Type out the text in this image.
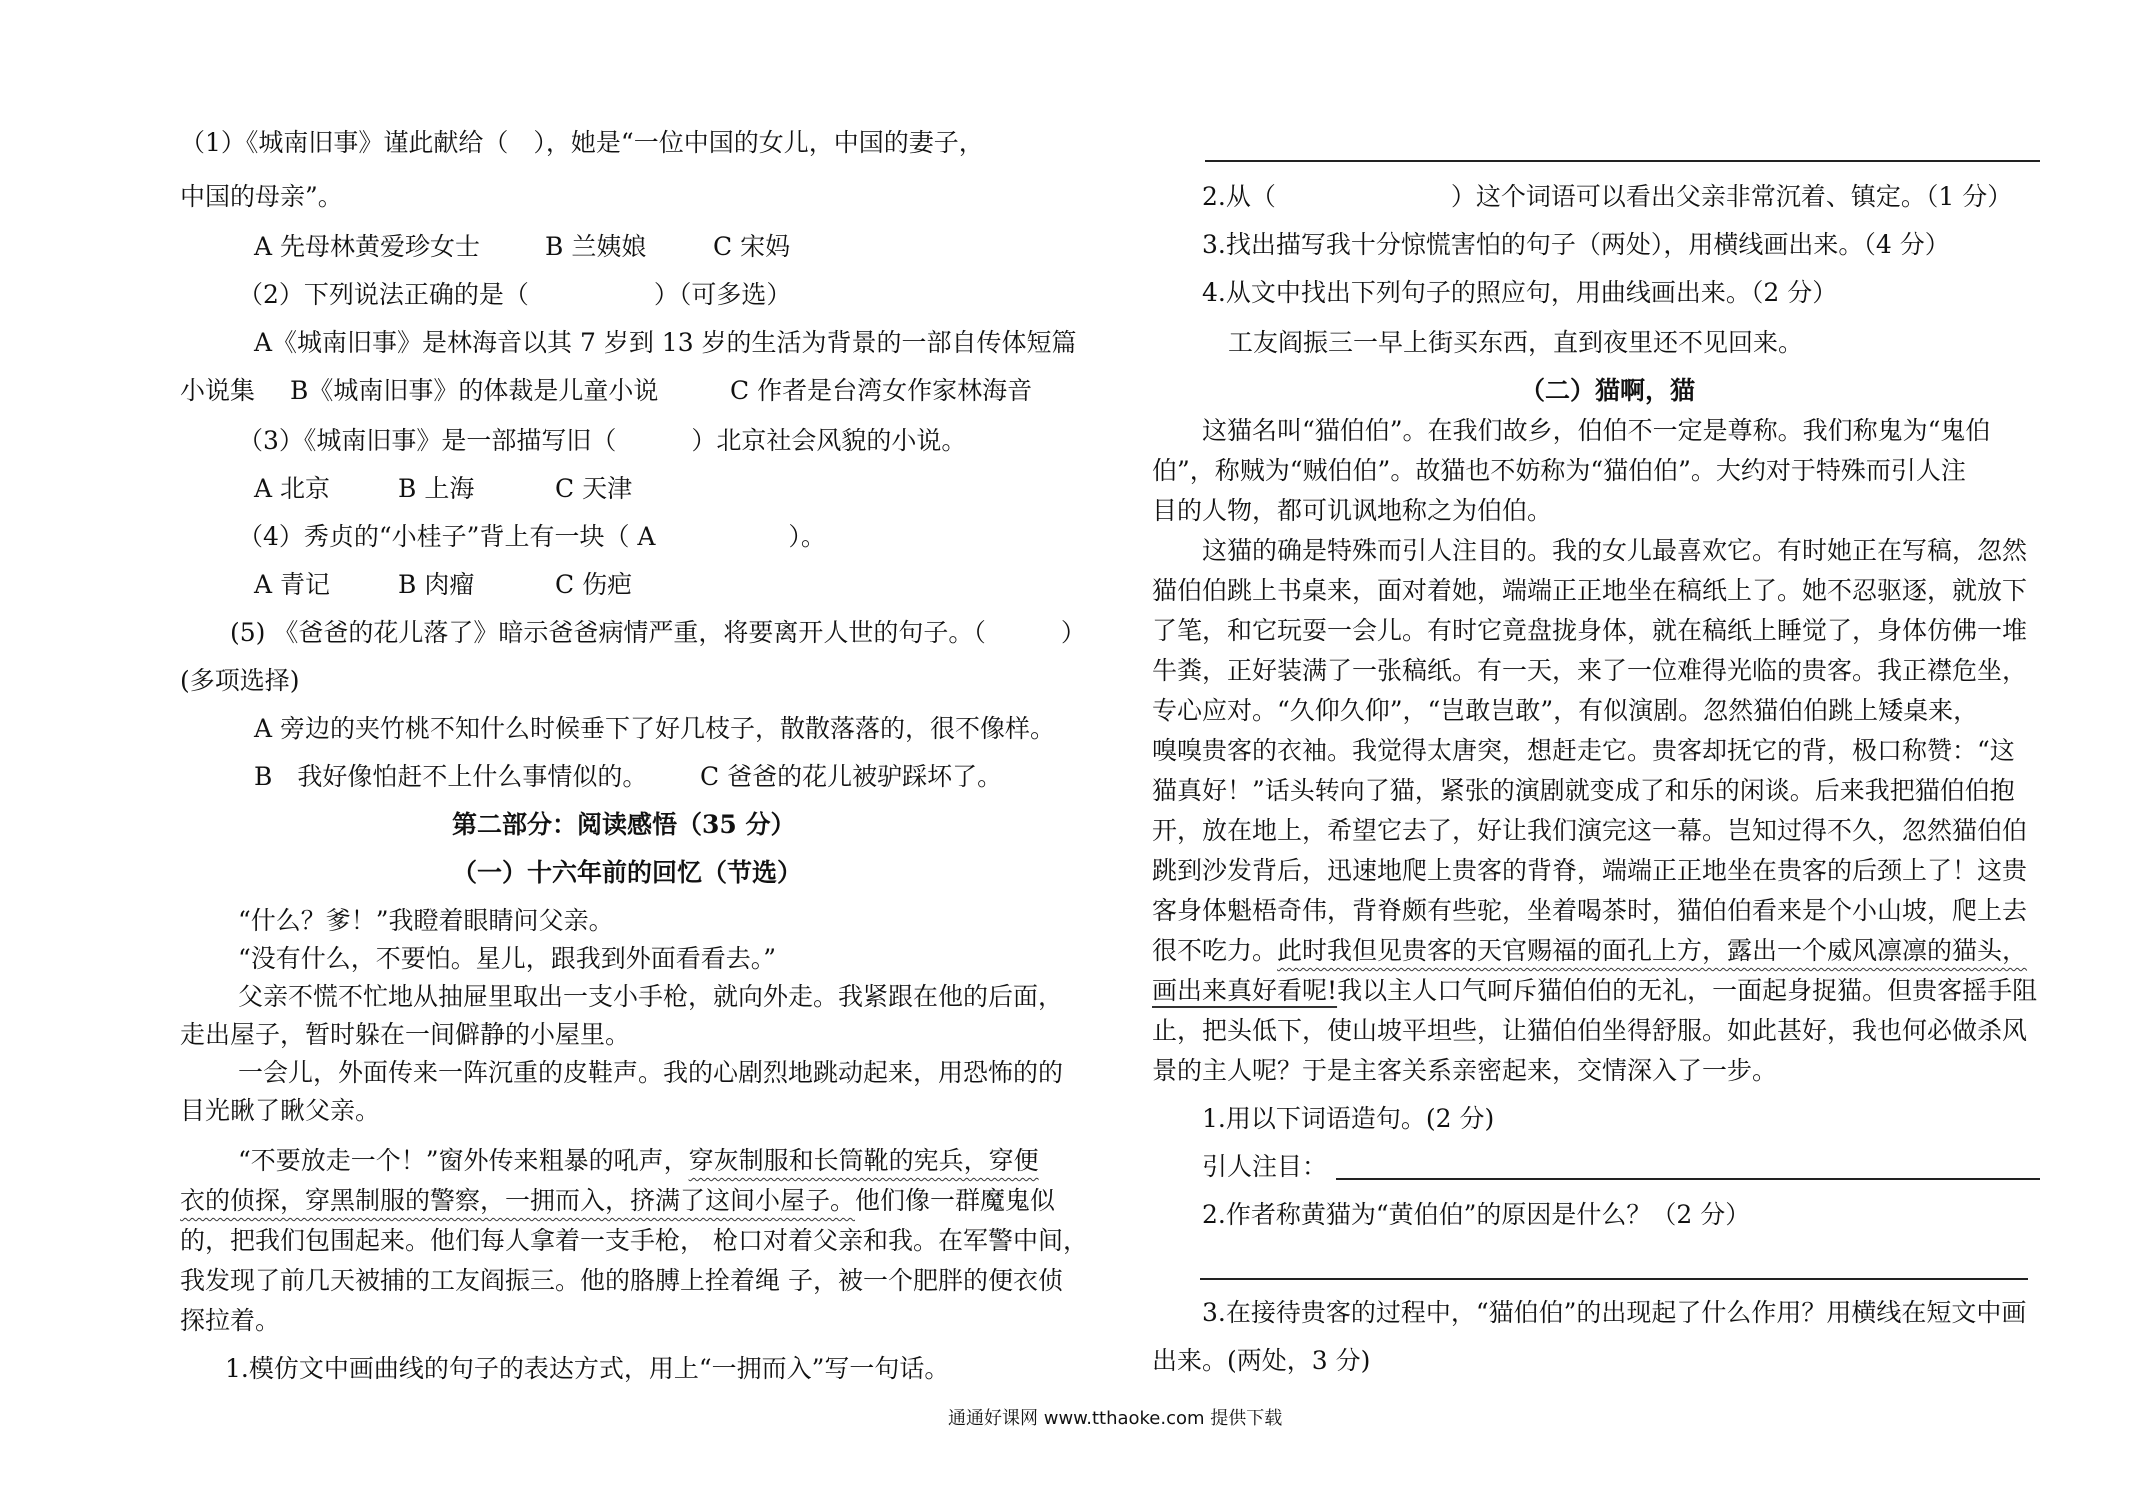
（1）《城南旧事》谨此献给（　），她是“一位中国的女儿，中国的妻子，
中国的母亲”。
A 先母林黄爱珍女士	B 兰姨娘	C 宋妈
（2）下列说法正确的是（　　　　　）（可多选）
A《城南旧事》是林海音以其 7 岁到 13 岁的生活为背景的一部自传体短篇
小说集 B《城南旧事》的体裁是儿童小说	C 作者是台湾女作家林海音
（3）《城南旧事》是一部描写旧（　　　）北京社会风貌的小说。
A 北京	B 上海	C 天津
（4）秀贞的“小桂子”背上有一块（ A　　　　　 ）。
A 青记	B 肉瘤	C 伤疤
(5) 《爸爸的花儿落了》暗示爸爸病情严重，将要离开人世的句子。（　　　）
(多项选择)
A 旁边的夹竹桃不知什么时候垂下了好几枝子，散散落落的，很不像样。
B　我好像怕赶不上什么事情似的。 C 爸爸的花儿被驴踩坏了。
第二部分：阅读感悟（35 分）
（一）十六年前的回忆（节选）
“什么？爹！”我瞪着眼睛问父亲。
“没有什么，不要怕。星儿，跟我到外面看看去。”
父亲不慌不忙地从抽屉里取出一支小手枪，就向外走。我紧跟在他的后面，
走出屋子，暂时躲在一间僻静的小屋里。
一会儿，外面传来一阵沉重的皮鞋声。我的心剧烈地跳动起来，用恐怖的的
目光瞅了瞅父亲。
“不要放走一个！”窗外传来粗暴的吼声，穿灰制服和长筒靴的宪兵，穿便
衣的侦探，穿黑制服的警察，一拥而入，挤满了这间小屋子。他们像一群魔鬼似
的，把我们包围起来。他们每人拿着一支手枪， 枪口对着父亲和我。在军警中间，
我发现了前几天被捕的工友阎振三。他的胳膊上拴着绳 子，被一个肥胖的便衣侦
探拉着。
1.模仿文中画曲线的句子的表达方式，用上“一拥而入”写一句话。
2.从（　　　　　　　）这个词语可以看出父亲非常沉着、镇定。（1 分）
3.找出描写我十分惊慌害怕的句子（两处），用横线画出来。（4 分）
4.从文中找出下列句子的照应句，用曲线画出来。（2 分）
工友阎振三一早上街买东西，直到夜里还不见回来。
（二）猫啊，猫
这猫名叫“猫伯伯”。在我们故乡，伯伯不一定是尊称。我们称鬼为“鬼伯
伯”，称贼为“贼伯伯”。故猫也不妨称为“猫伯伯”。大约对于特殊而引人注
目的人物，都可讥讽地称之为伯伯。
这猫的确是特殊而引人注目的。我的女儿最喜欢它。有时她正在写稿，忽然
猫伯伯跳上书桌来，面对着她，端端正正地坐在稿纸上了。她不忍驱逐，就放下
了笔，和它玩耍一会儿。有时它竟盘拢身体，就在稿纸上睡觉了，身体仿佛一堆
牛粪，正好装满了一张稿纸。有一天，来了一位难得光临的贵客。我正襟危坐，
专心应对。“久仰久仰”，“岂敢岂敢”，有似演剧。忽然猫伯伯跳上矮桌来，
嗅嗅贵客的衣袖。我觉得太唐突，想赶走它。贵客却抚它的背，极口称赞：“这
猫真好！”话头转向了猫，紧张的演剧就变成了和乐的闲谈。后来我把猫伯伯抱
开，放在地上，希望它去了，好让我们演完这一幕。岂知过得不久，忽然猫伯伯
跳到沙发背后，迅速地爬上贵客的背脊，端端正正地坐在贵客的后颈上了！这贵
客身体魁梧奇伟，背脊颇有些驼，坐着喝茶时，猫伯伯看来是个小山坡，爬上去
很不吃力。此时我但见贵客的天官赐福的面孔上方，露出一个威风凛凛的猫头，
画出来真好看呢!我以主人口气呵斥猫伯伯的无礼，一面起身捉猫。但贵客摇手阻
止，把头低下，使山坡平坦些，让猫伯伯坐得舒服。如此甚好，我也何必做杀风
景的主人呢？于是主客关系亲密起来，交情深入了一步。
1.用以下词语造句。(2 分)
引人注目：
2.作者称黄猫为“黄伯伯”的原因是什么？（2 分）
3.在接待贵客的过程中，“猫伯伯”的出现起了什么作用？用横线在短文中画
出来。(两处，3 分)
通通好课网 www.tthaoke.com 提供下载
